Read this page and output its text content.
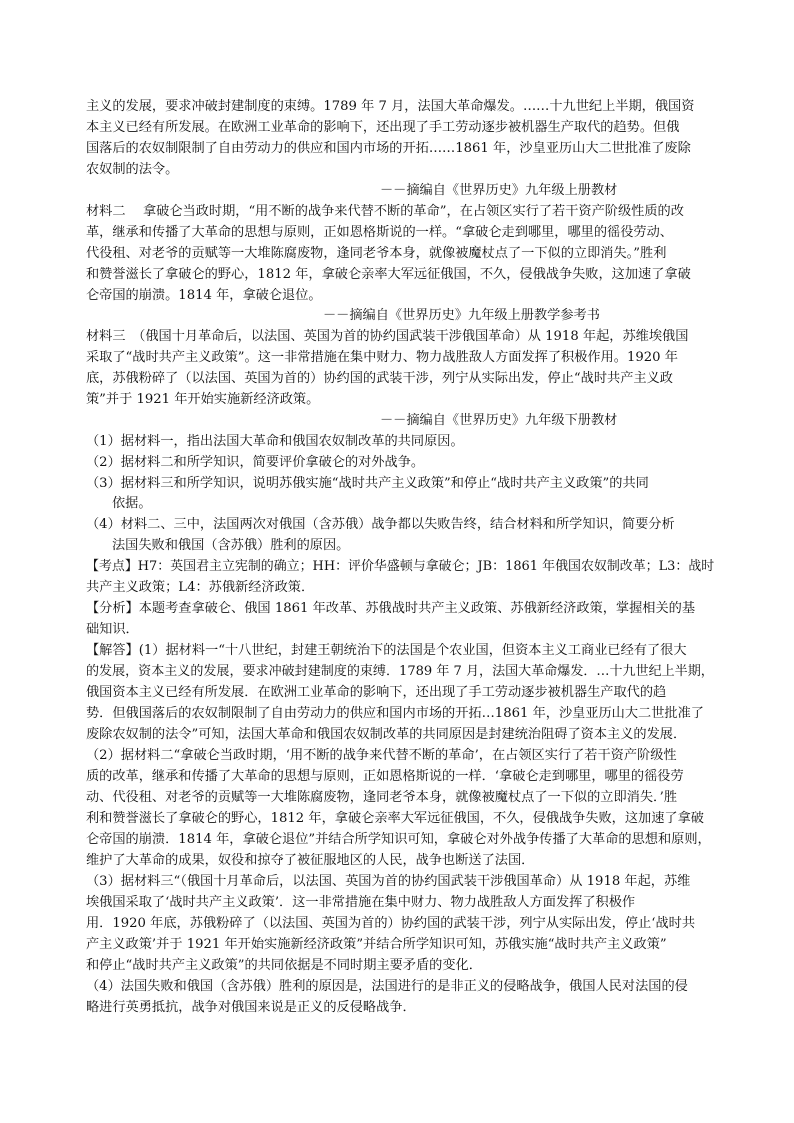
主义的发展，要求冲破封建制度的束缚。1789 年 7 月，法国大革命爆发。……十九世纪上半期，俄国资
本主义已经有所发展。在欧洲工业革命的影响下，还出现了手工劳动逐步被机器生产取代的趋势。但俄
国落后的农奴制限制了自由劳动力的供应和国内市场的开拓……1861 年，沙皇亚历山大二世批准了废除
农奴制的法令。
－－摘编自《世界历史》九年级上册教材
材料二　 拿破仑当政时期，“用不断的战争来代替不断的革命”，在占领区实行了若干资产阶级性质的改
革，继承和传播了大革命的思想与原则，正如恩格斯说的一样。“拿破仑走到哪里，哪里的徭役劳动、
代役租、对老爷的贡赋等一大堆陈腐废物，逢同老爷本身，就像被魔杖点了一下似的立即消失。”胜利
和赞誉滋长了拿破仑的野心，1812 年，拿破仑亲率大军远征俄国，不久，侵俄战争失败，这加速了拿破
仑帝国的崩溃。1814 年，拿破仑退位。
－－摘编自《世界历史》九年级上册教学参考书
材料三　（俄国十月革命后，以法国、英国为首的协约国武装干涉俄国革命）从 1918 年起，苏维埃俄国
采取了“战时共产主义政策”。这一非常措施在集中财力、物力战胜敌人方面发挥了积极作用。1920 年
底，苏俄粉碎了（以法国、英国为首的）协约国的武装干涉，列宁从实际出发，停止“战时共产主义政
策”并于 1921 年开始实施新经济政策。
－－摘编自《世界历史》九年级下册教材
（1）据材料一，指出法国大革命和俄国农奴制改革的共同原因。
（2）据材料二和所学知识，简要评价拿破仑的对外战争。
（3）据材料三和所学知识，说明苏俄实施“战时共产主义政策”和停止“战时共产主义政策”的共同
依据。
（4）材料二、三中，法国两次对俄国（含苏俄）战争都以失败告终，结合材料和所学知识，简要分析
法国失败和俄国（含苏俄）胜利的原因。
【考点】H7：英国君主立宪制的确立；HH：评价华盛顿与拿破仑；JB：1861 年俄国农奴制改革；L3：战时
共产主义政策；L4：苏俄新经济政策．
【分析】本题考查拿破仑、俄国 1861 年改革、苏俄战时共产主义政策、苏俄新经济政策，掌握相关的基
础知识．
【解答】(1）据材料一“十八世纪，封建王朝统治下的法国是个农业国，但资本主义工商业已经有了很大
的发展，资本主义的发展，要求冲破封建制度的束缚．1789 年 7 月，法国大革命爆发．…十九世纪上半期，
俄国资本主义已经有所发展．在欧洲工业革命的影响下，还出现了手工劳动逐步被机器生产取代的趋
势．但俄国落后的农奴制限制了自由劳动力的供应和国内市场的开拓…1861 年，沙皇亚历山大二世批准了
废除农奴制的法令”可知，法国大革命和俄国农奴制改革的共同原因是封建统治阻碍了资本主义的发展．
（2）据材料二“拿破仑当政时期，‘用不断的战争来代替不断的革命’，在占领区实行了若干资产阶级性
质的改革，继承和传播了大革命的思想与原则，正如恩格斯说的一样．‘拿破仑走到哪里，哪里的徭役劳
动、代役租、对老爷的贡赋等一大堆陈腐废物，逢同老爷本身，就像被魔杖点了一下似的立即消失．’胜
利和赞誉滋长了拿破仑的野心，1812 年，拿破仑亲率大军远征俄国，不久，侵俄战争失败，这加速了拿破
仑帝国的崩溃．1814 年，拿破仑退位”并结合所学知识可知，拿破仑对外战争传播了大革命的思想和原则，
维护了大革命的成果，奴役和掠夺了被征服地区的人民，战争也断送了法国．
（3）据材料三“（俄国十月革命后，以法国、英国为首的协约国武装干涉俄国革命）从 1918 年起，苏维
埃俄国采取了‘战时共产主义政策’．这一非常措施在集中财力、物力战胜敌人方面发挥了积极作
用．1920 年底，苏俄粉碎了（以法国、英国为首的）协约国的武装干涉，列宁从实际出发，停止‘战时共
产主义政策’并于 1921 年开始实施新经济政策”并结合所学知识可知，苏俄实施“战时共产主义政策”
和停止“战时共产主义政策”的共同依据是不同时期主要矛盾的变化．
（4）法国失败和俄国（含苏俄）胜利的原因是，法国进行的是非正义的侵略战争，俄国人民对法国的侵
略进行英勇抵抗，战争对俄国来说是正义的反侵略战争．
